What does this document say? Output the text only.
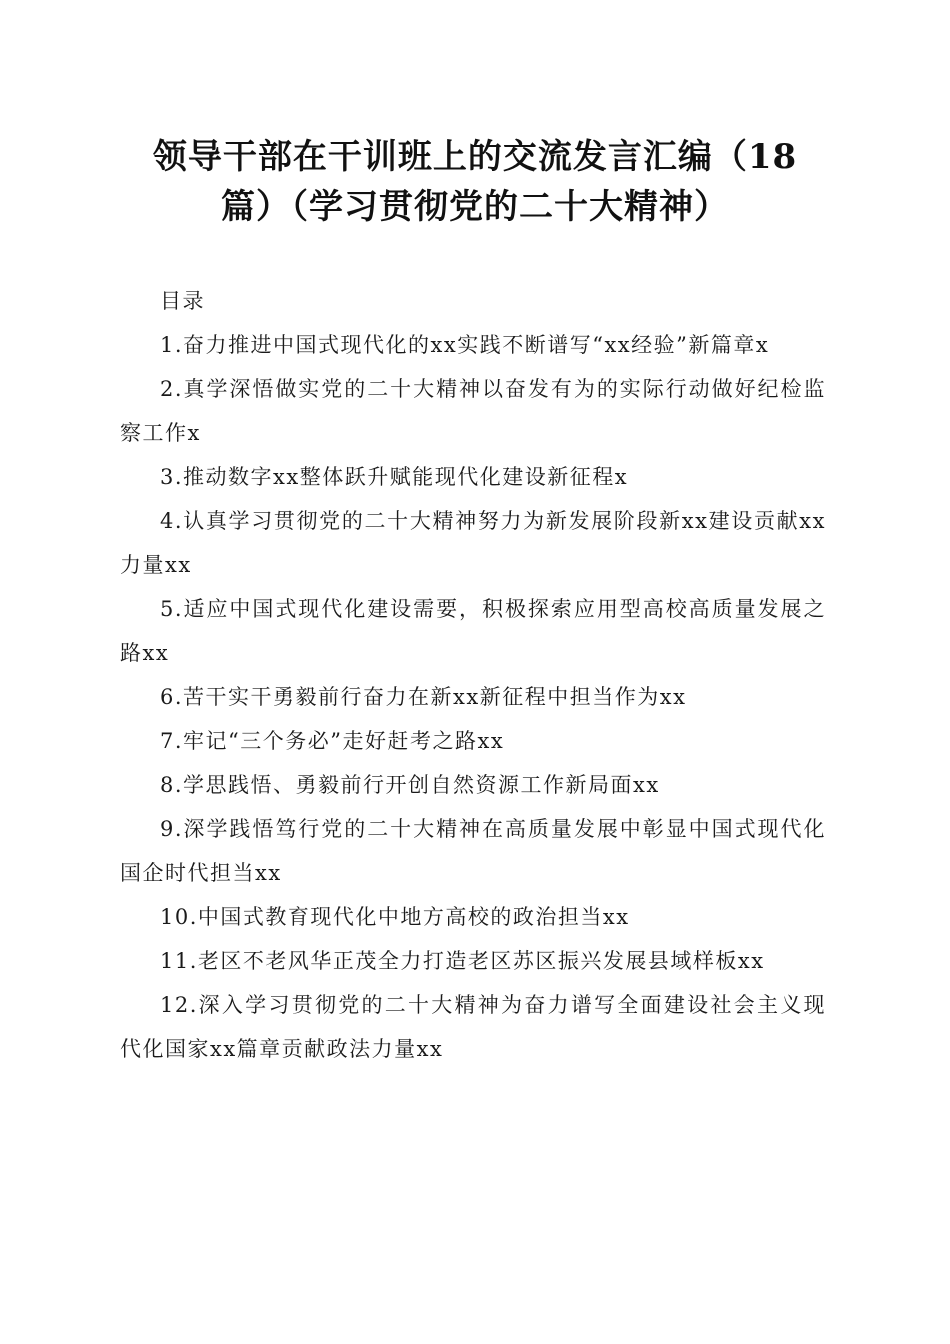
领导干部在干训班上的交流发言汇编（18
篇）（学习贯彻党的二十大精神）
目录
1.奋力推进中国式现代化的xx实践不断谱写“xx经验”新篇章x
2.真学深悟做实党的二十大精神以奋发有为的实际行动做好纪检监察工作x
3.推动数字xx整体跃升赋能现代化建设新征程x
4.认真学习贯彻党的二十大精神努力为新发展阶段新xx建设贡献xx力量xx
5.适应中国式现代化建设需要，积极探索应用型高校高质量发展之路xx
6.苦干实干勇毅前行奋力在新xx新征程中担当作为xx
7.牢记“三个务必”走好赶考之路xx
8.学思践悟、勇毅前行开创自然资源工作新局面xx
9.深学践悟笃行党的二十大精神在高质量发展中彰显中国式现代化国企时代担当xx
10.中国式教育现代化中地方高校的政治担当xx
11.老区不老风华正茂全力打造老区苏区振兴发展县域样板xx
12.深入学习贯彻党的二十大精神为奋力谱写全面建设社会主义现代化国家xx篇章贡献政法力量xx
